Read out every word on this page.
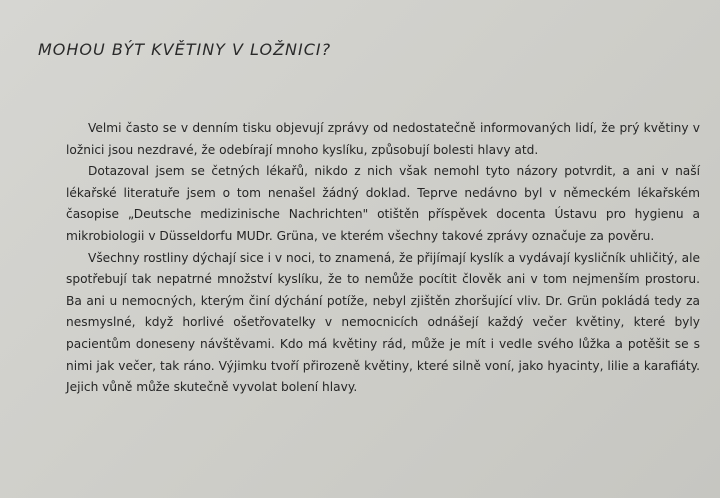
MOHOU BÝT KVĚTINY V LOŽNICI?

Velmi často se v denním tisku objevují zprávy od nedostatečně informovaných lidí, že prý květiny v ložnici jsou nezdravé, že odebírají mnoho kyslíku, způsobují bolesti hlavy atd.

Dotazoval jsem se četných lékařů, nikdo z nich však nemohl tyto názory potvrdit, a ani v naší lékařské literatuře jsem o tom nenašel žádný doklad. Teprve nedávno byl v německém lékařském časopise „Deutsche medizinische Nachrichten" otištěn příspěvek docenta Ústavu pro hygienu a mikrobiologii v Düsseldorfu MUDr. Grüna, ve kterém všechny takové zprávy označuje za pověru.

Všechny rostliny dýchají sice i v noci, to znamená, že přijímají kyslík a vydávají kysličník uhličitý, ale spotřebují tak nepatrné množství kyslíku, že to nemůže pocítit člověk ani v tom nejmenším prostoru. Ba ani u nemocných, kterým činí dýchání potíže, nebyl zjištěn zhoršující vliv. Dr. Grün pokládá tedy za nesmyslné, když horlivé ošetřovatelky v nemocnicích odnášejí každý večer květiny, které byly pacientům doneseny návštěvami. Kdo má květiny rád, může je mít i vedle svého lůžka a potěšit se s nimi jak večer, tak ráno. Výjimku tvoří přirozeně květiny, které silně voní, jako hyacinty, lilie a karafiáty. Jejich vůně může skutečně vyvolat bolení hlavy.
